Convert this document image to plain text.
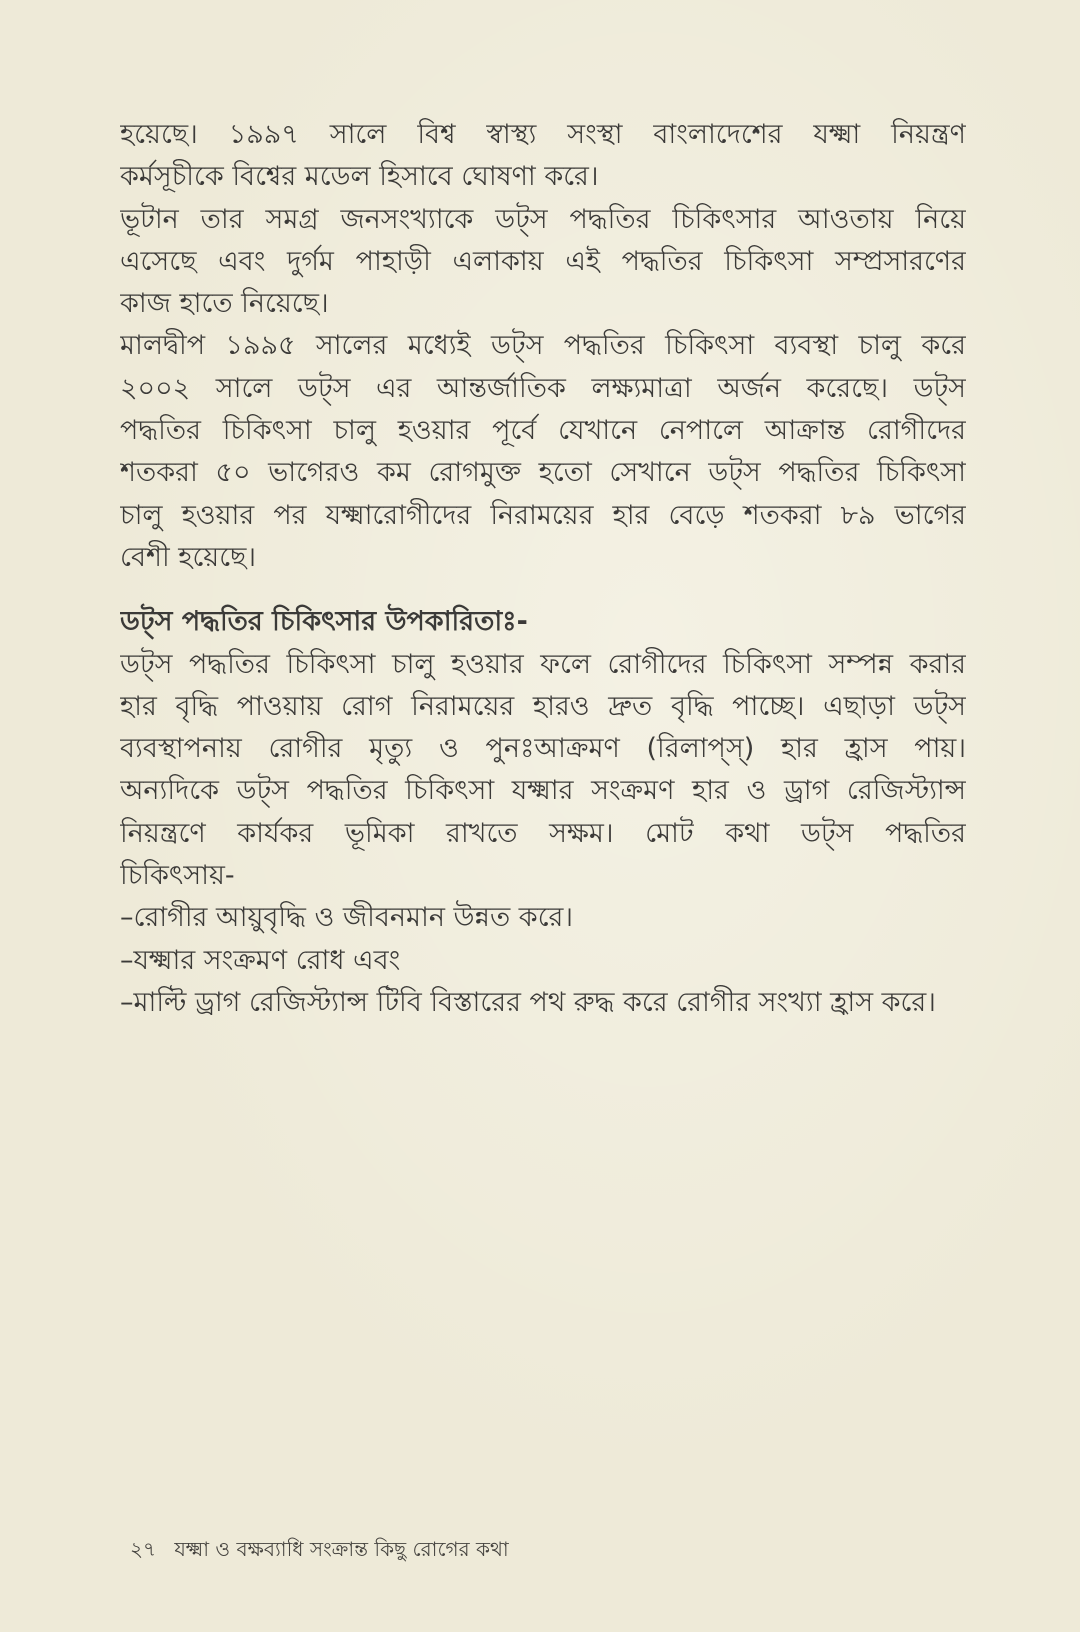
হয়েছে। ১৯৯৭ সালে বিশ্ব স্বাস্থ্য সংস্থা বাংলাদেশের যক্ষ্মা নিয়ন্ত্রণ
কর্মসূচীকে বিশ্বের মডেল হিসাবে ঘোষণা করে।
ভূটান তার সমগ্র জনসংখ্যাকে ডট্স পদ্ধতির চিকিৎসার আওতায় নিয়ে
এসেছে এবং দুর্গম পাহাড়ী এলাকায় এই পদ্ধতির চিকিৎসা সম্প্রসারণের
কাজ হাতে নিয়েছে।
মালদ্বীপ ১৯৯৫ সালের মধ্যেই ডট্স পদ্ধতির চিকিৎসা ব্যবস্থা চালু করে
২০০২ সালে ডট্স এর আন্তর্জাতিক লক্ষ্যমাত্রা অর্জন করেছে। ডট্স
পদ্ধতির চিকিৎসা চালু হওয়ার পূর্বে যেখানে নেপালে আক্রান্ত রোগীদের
শতকরা ৫০ ভাগেরও কম রোগমুক্ত হতো সেখানে ডট্স পদ্ধতির চিকিৎসা
চালু হওয়ার পর যক্ষ্মারোগীদের নিরাময়ের হার বেড়ে শতকরা ৮৯ ভাগের
বেশী হয়েছে।
ডট্স পদ্ধতির চিকিৎসার উপকারিতাঃ-
ডট্স পদ্ধতির চিকিৎসা চালু হওয়ার ফলে রোগীদের চিকিৎসা সম্পন্ন করার
হার বৃদ্ধি পাওয়ায় রোগ নিরাময়ের হারও দ্রুত বৃদ্ধি পাচ্ছে। এছাড়া ডট্স
ব্যবস্থাপনায় রোগীর মৃত্যু ও পুনঃআক্রমণ (রিলাপ্স্) হার হ্রাস পায়।
অন্যদিকে ডট্স পদ্ধতির চিকিৎসা যক্ষ্মার সংক্রমণ হার ও ড্রাগ রেজিস্ট্যান্স
নিয়ন্ত্রণে কার্যকর ভূমিকা রাখতে সক্ষম। মোট কথা ডট্স পদ্ধতির
চিকিৎসায়-
–রোগীর আয়ুবৃদ্ধি ও জীবনমান উন্নত করে।
–যক্ষ্মার সংক্রমণ রোধ এবং
–মাল্টি ড্রাগ রেজিস্ট্যান্স টিবি বিস্তারের পথ রুদ্ধ করে রোগীর সংখ্যা হ্রাস করে।
২৭ যক্ষ্মা ও বক্ষব্যাধি সংক্রান্ত কিছু রোগের কথা
